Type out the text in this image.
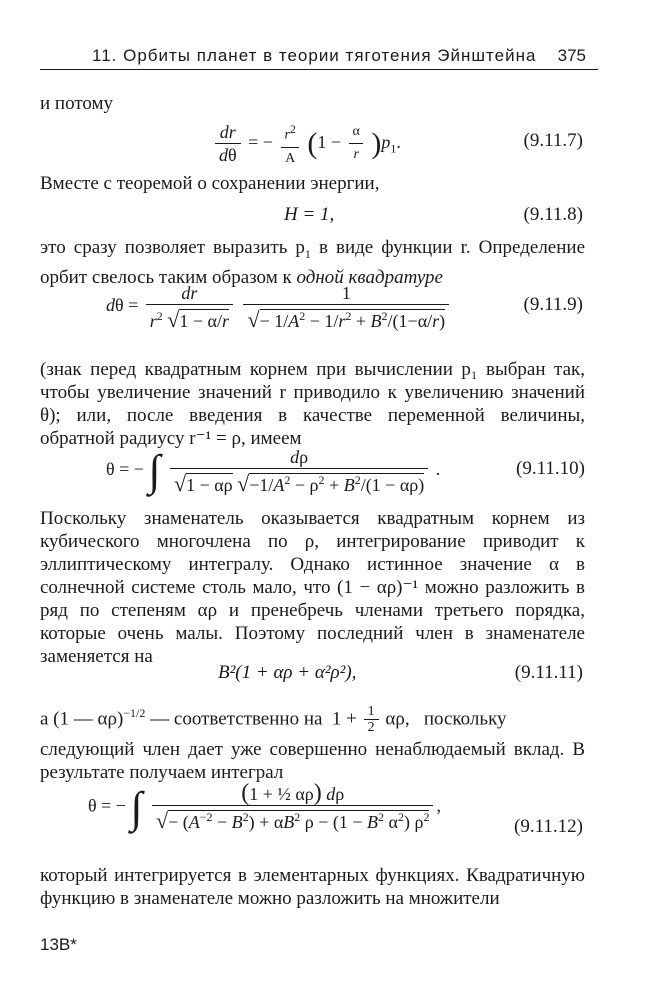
11. Орбиты планет в теории тяготения Эйнштейна 375
и потому
$\frac{dr}{d\theta}$ = − $\frac{r^2}{A} (1 - \frac{\alpha}{r} )p_1$.	(9.11.7)
Вместе с теоремой о сохранении энергии,
H = 1,	(9.11.8)
это сразу позволяет выразить $p_1$ в виде функции r. Определение орбит свелось таким образом к одной квадратуре
$d\theta = \frac{dr}{r^2 √1 - \alpha/r}$
$\frac{1}{√- 1/A^2 - 1/r^2 + B^2/(1-\alpha/r)}$	(9.11.9)
(знак перед квадратным корнем при вычислении p₁ выбран так, чтобы увеличение значений r приводило к увеличению значений θ); или, после введения в качестве переменной величины, обратной радиусу r⁻¹ = ρ, имеем
θ = − ∫ $\frac{d\rho}{√1 - \alpha\rho √-1/A^2 - \rho^2 + B^2/(1 - \alpha\rho)}$ .	(9.11.10)
Поскольку знаменатель оказывается квадратным корнем из кубического многочлена по ρ, интегрирование приводит к эллиптическому интегралу. Однако истинное значение α в солнечной системе столь мало, что (1 − αρ)⁻¹ можно разложить в ряд по степеням αρ и пренебречь членами третьего порядка, которые очень малы. Поэтому последний член в знаменателе заменяется на
B²(1 + αρ + α²ρ²),	(9.11.11)
а (1 — αρ)$^{-1/2}$ — соответственно на  $1 + \frac{1}{2} \alpha\rho$,   поскольку
следующий член дает уже совершенно ненаблюдаемый вклад. В результате получаем интеграл
θ = − ∫ $\frac{\text{(1 + ½ αρ) dρ}}{√- (A^{-2} - B^2) + \alpha B^2 \rho - (1 - B^2 \alpha^2) \rho^2}$ ,
(9.11.12)
который интегрируется в элементарных функциях. Квадратичную функцию в знаменателе можно разложить на множители
13B*
